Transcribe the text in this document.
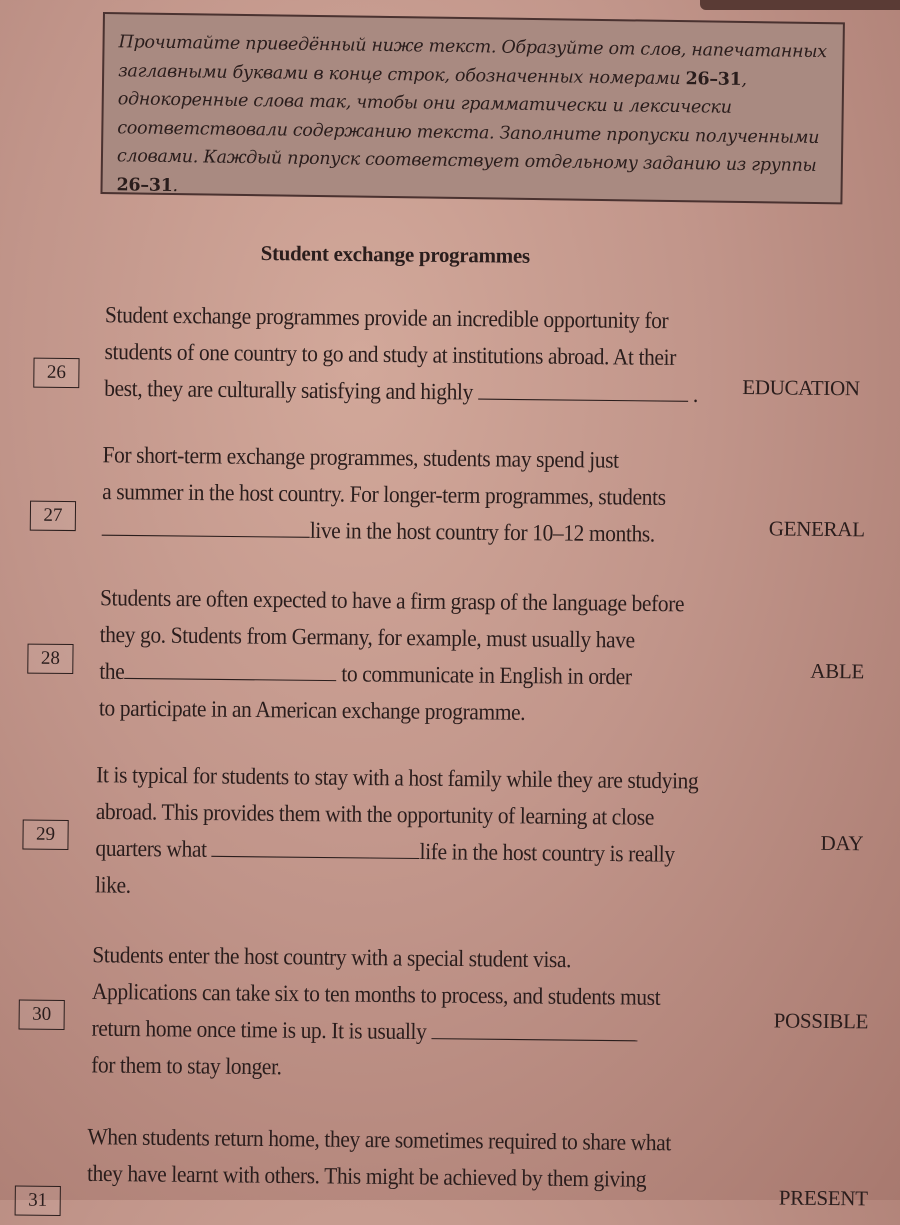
Прочитайте приведённый ниже текст. Образуйте от слов, напечатанных заглавными буквами в конце строк, обозначенных номерами 26–31, однокоренные слова так, чтобы они грамматически и лексически соответствовали содержанию текста. Заполните пропуски полученными словами. Каждый пропуск соответствует отдельному заданию из группы 26–31.
Student exchange programmes
Student exchange programmes provide an incredible opportunity for
students of one country to go and study at institutions abroad. At their
best, they are culturally satisfying and highly	.
26
EDUCATION
For short-term exchange programmes, students may spend just
a summer in the host country. For longer-term programmes, students
live in the host country for 10–12 months.
27
GENERAL
Students are often expected to have a firm grasp of the language before
they go. Students from Germany, for example, must usually have
the	to communicate in English in order
to participate in an American exchange programme.
28
ABLE
It is typical for students to stay with a host family while they are studying
abroad. This provides them with the opportunity of learning at close
quarters what	life in the host country is really
like.
29	DAY
Students enter the host country with a special student visa.
Applications can take six to ten months to process, and students must
return home once time is up. It is usually
for them to stay longer.
30	POSSIBLE
When students return home, they are sometimes required to share what
they have learnt with others. This might be achieved by them giving
31	PRESENT
